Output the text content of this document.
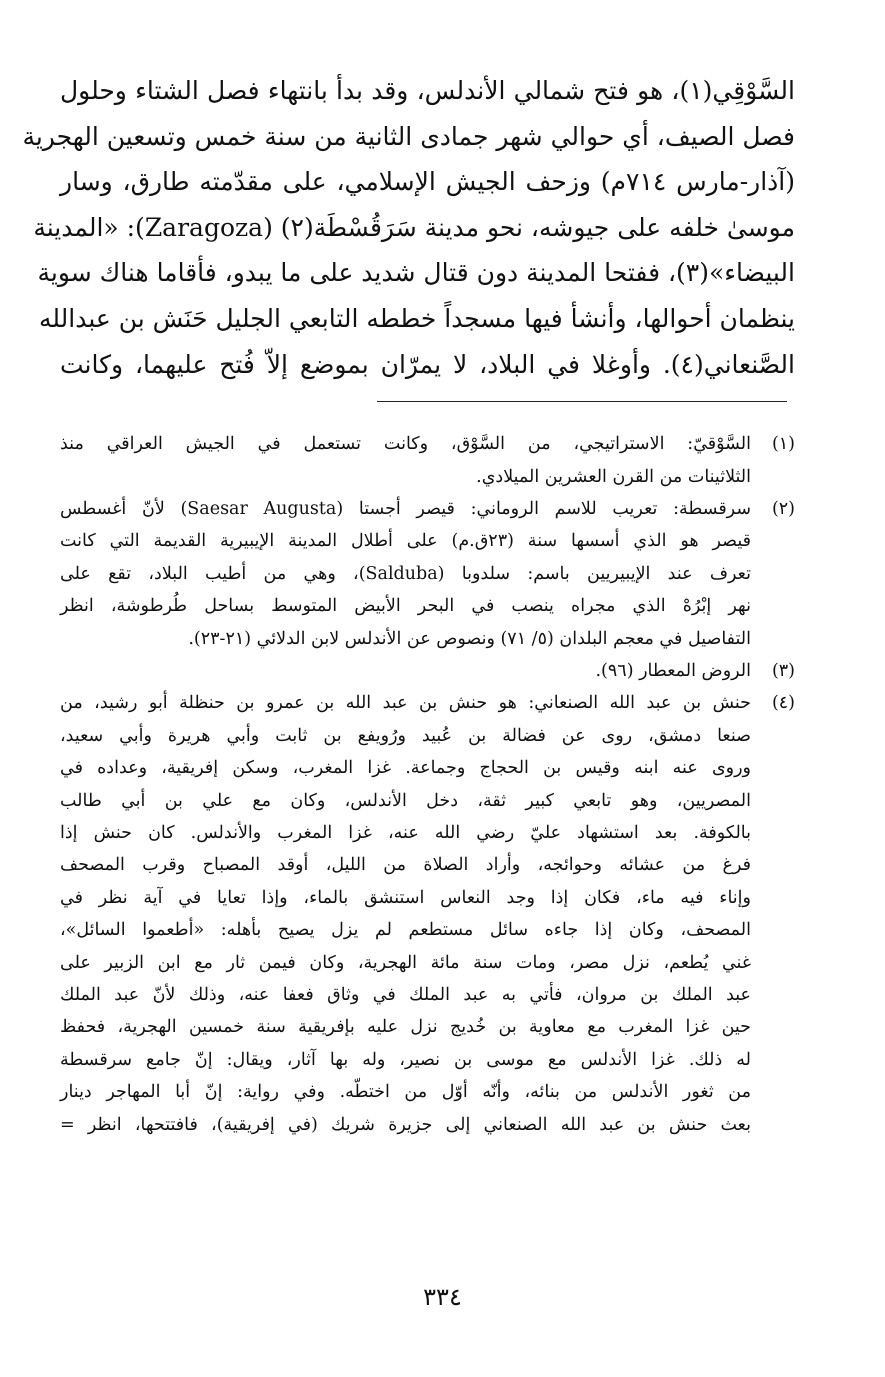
السَّوْقِي(١)، هو فتح شمالي الأندلس، وقد بدأ بانتهاء فصل الشتاء وحلول
فصل الصيف، أي حوالي شهر جمادى الثانية من سنة خمس وتسعين الهجرية
(آذار-مارس ٧١٤م) وزحف الجيش الإسلامي، على مقدّمته طارق، وسار
موسىٰ خلفه على جيوشه، نحو مدينة سَرَقُسْطَة(٢) (Zaragoza): «المدينة
البيضاء»(٣)، ففتحا المدينة دون قتال شديد على ما يبدو، فأقاما هناك سوية
ينظمان أحوالها، وأنشأ فيها مسجداً خططه التابعي الجليل حَنَش بن عبدالله
الصَّنعاني(٤). وأوغلا في البلاد، لا يمرّان بموضع إلاّ فُتح عليهما، وكانت
(١)
السَّوْقيّ: الاستراتيجي، من السَّوْق، وكانت تستعمل في الجيش العراقي منذ
الثلاثينات من القرن العشرين الميلادي.
(٢)
سرقسطة: تعريب للاسم الروماني: قيصر أجستا (Saesar Augusta) لأنّ أغسطس
قيصر هو الذي أسسها سنة (٢٣ق.م) على أطلال المدينة الإيبيرية القديمة التي كانت
تعرف عند الإيبيريين باسم: سلدوبا (Salduba)، وهي من أطيب البلاد، تقع على
نهر إبْرُهْ الذي مجراه ينصب في البحر الأبيض المتوسط بساحل طُرطوشة، انظر
التفاصيل في معجم البلدان (٥/ ٧١) ونصوص عن الأندلس لابن الدلائي (٢١-٢٣).
(٣)
الروض المعطار (٩٦).
(٤)
حنش بن عبد الله الصنعاني: هو حنش بن عبد الله بن عمرو بن حنظلة أبو رشيد، من
صنعا دمشق، روى عن فضالة بن عُبيد ورُويفع بن ثابت وأبي هريرة وأبي سعيد،
وروى عنه ابنه وقيس بن الحجاج وجماعة. غزا المغرب، وسكن إفريقية، وعداده في
المصريين، وهو تابعي كبير ثقة، دخل الأندلس، وكان مع علي بن أبي طالب
بالكوفة. بعد استشهاد عليّ رضي الله عنه، غزا المغرب والأندلس. كان حنش إذا
فرغ من عشائه وحوائجه، وأراد الصلاة من الليل، أوقد المصباح وقرب المصحف
وإناء فيه ماء، فكان إذا وجد النعاس استنشق بالماء، وإذا تعايا في آية نظر في
المصحف، وكان إذا جاءه سائل مستطعم لم يزل يصيح بأهله: «أطعموا السائل»،
غني يُطعم، نزل مصر، ومات سنة مائة الهجرية، وكان فيمن ثار مع ابن الزبير على
عبد الملك بن مروان، فأتي به عبد الملك في وثاق فعفا عنه، وذلك لأنّ عبد الملك
حين غزا المغرب مع معاوية بن خُديج نزل عليه بإفريقية سنة خمسين الهجرية، فحفظ
له ذلك. غزا الأندلس مع موسى بن نصير، وله بها آثار، ويقال: إنّ جامع سرقسطة
من ثغور الأندلس من بنائه، وأنّه أوّل من اختطّه. وفي رواية: إنّ أبا المهاجر دينار
بعث حنش بن عبد الله الصنعاني إلى جزيرة شريك (في إفريقية)، فافتتحها، انظر =
٣٣٤
